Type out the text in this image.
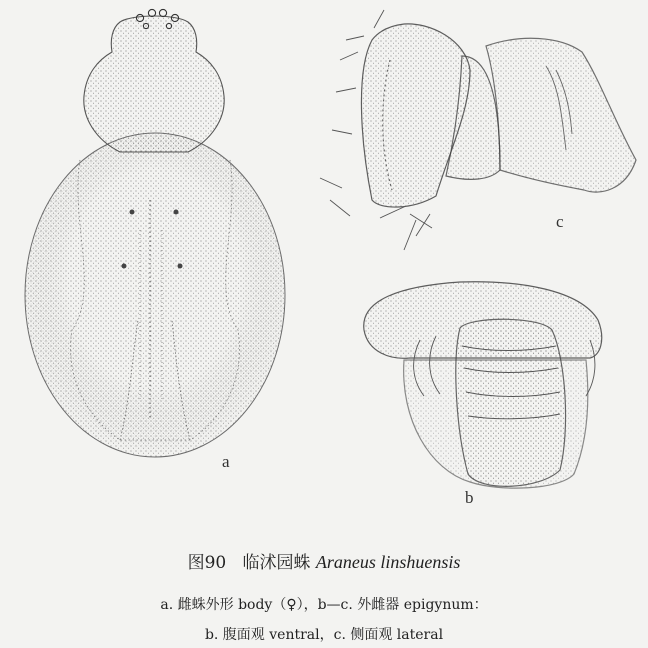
a
b
c
图90 临沭园蛛 Araneus linshuensis
a. 雌蛛外形 body（♀），b—c. 外雌器 epigynum：
b. 腹面观 ventral，c. 侧面观 lateral
